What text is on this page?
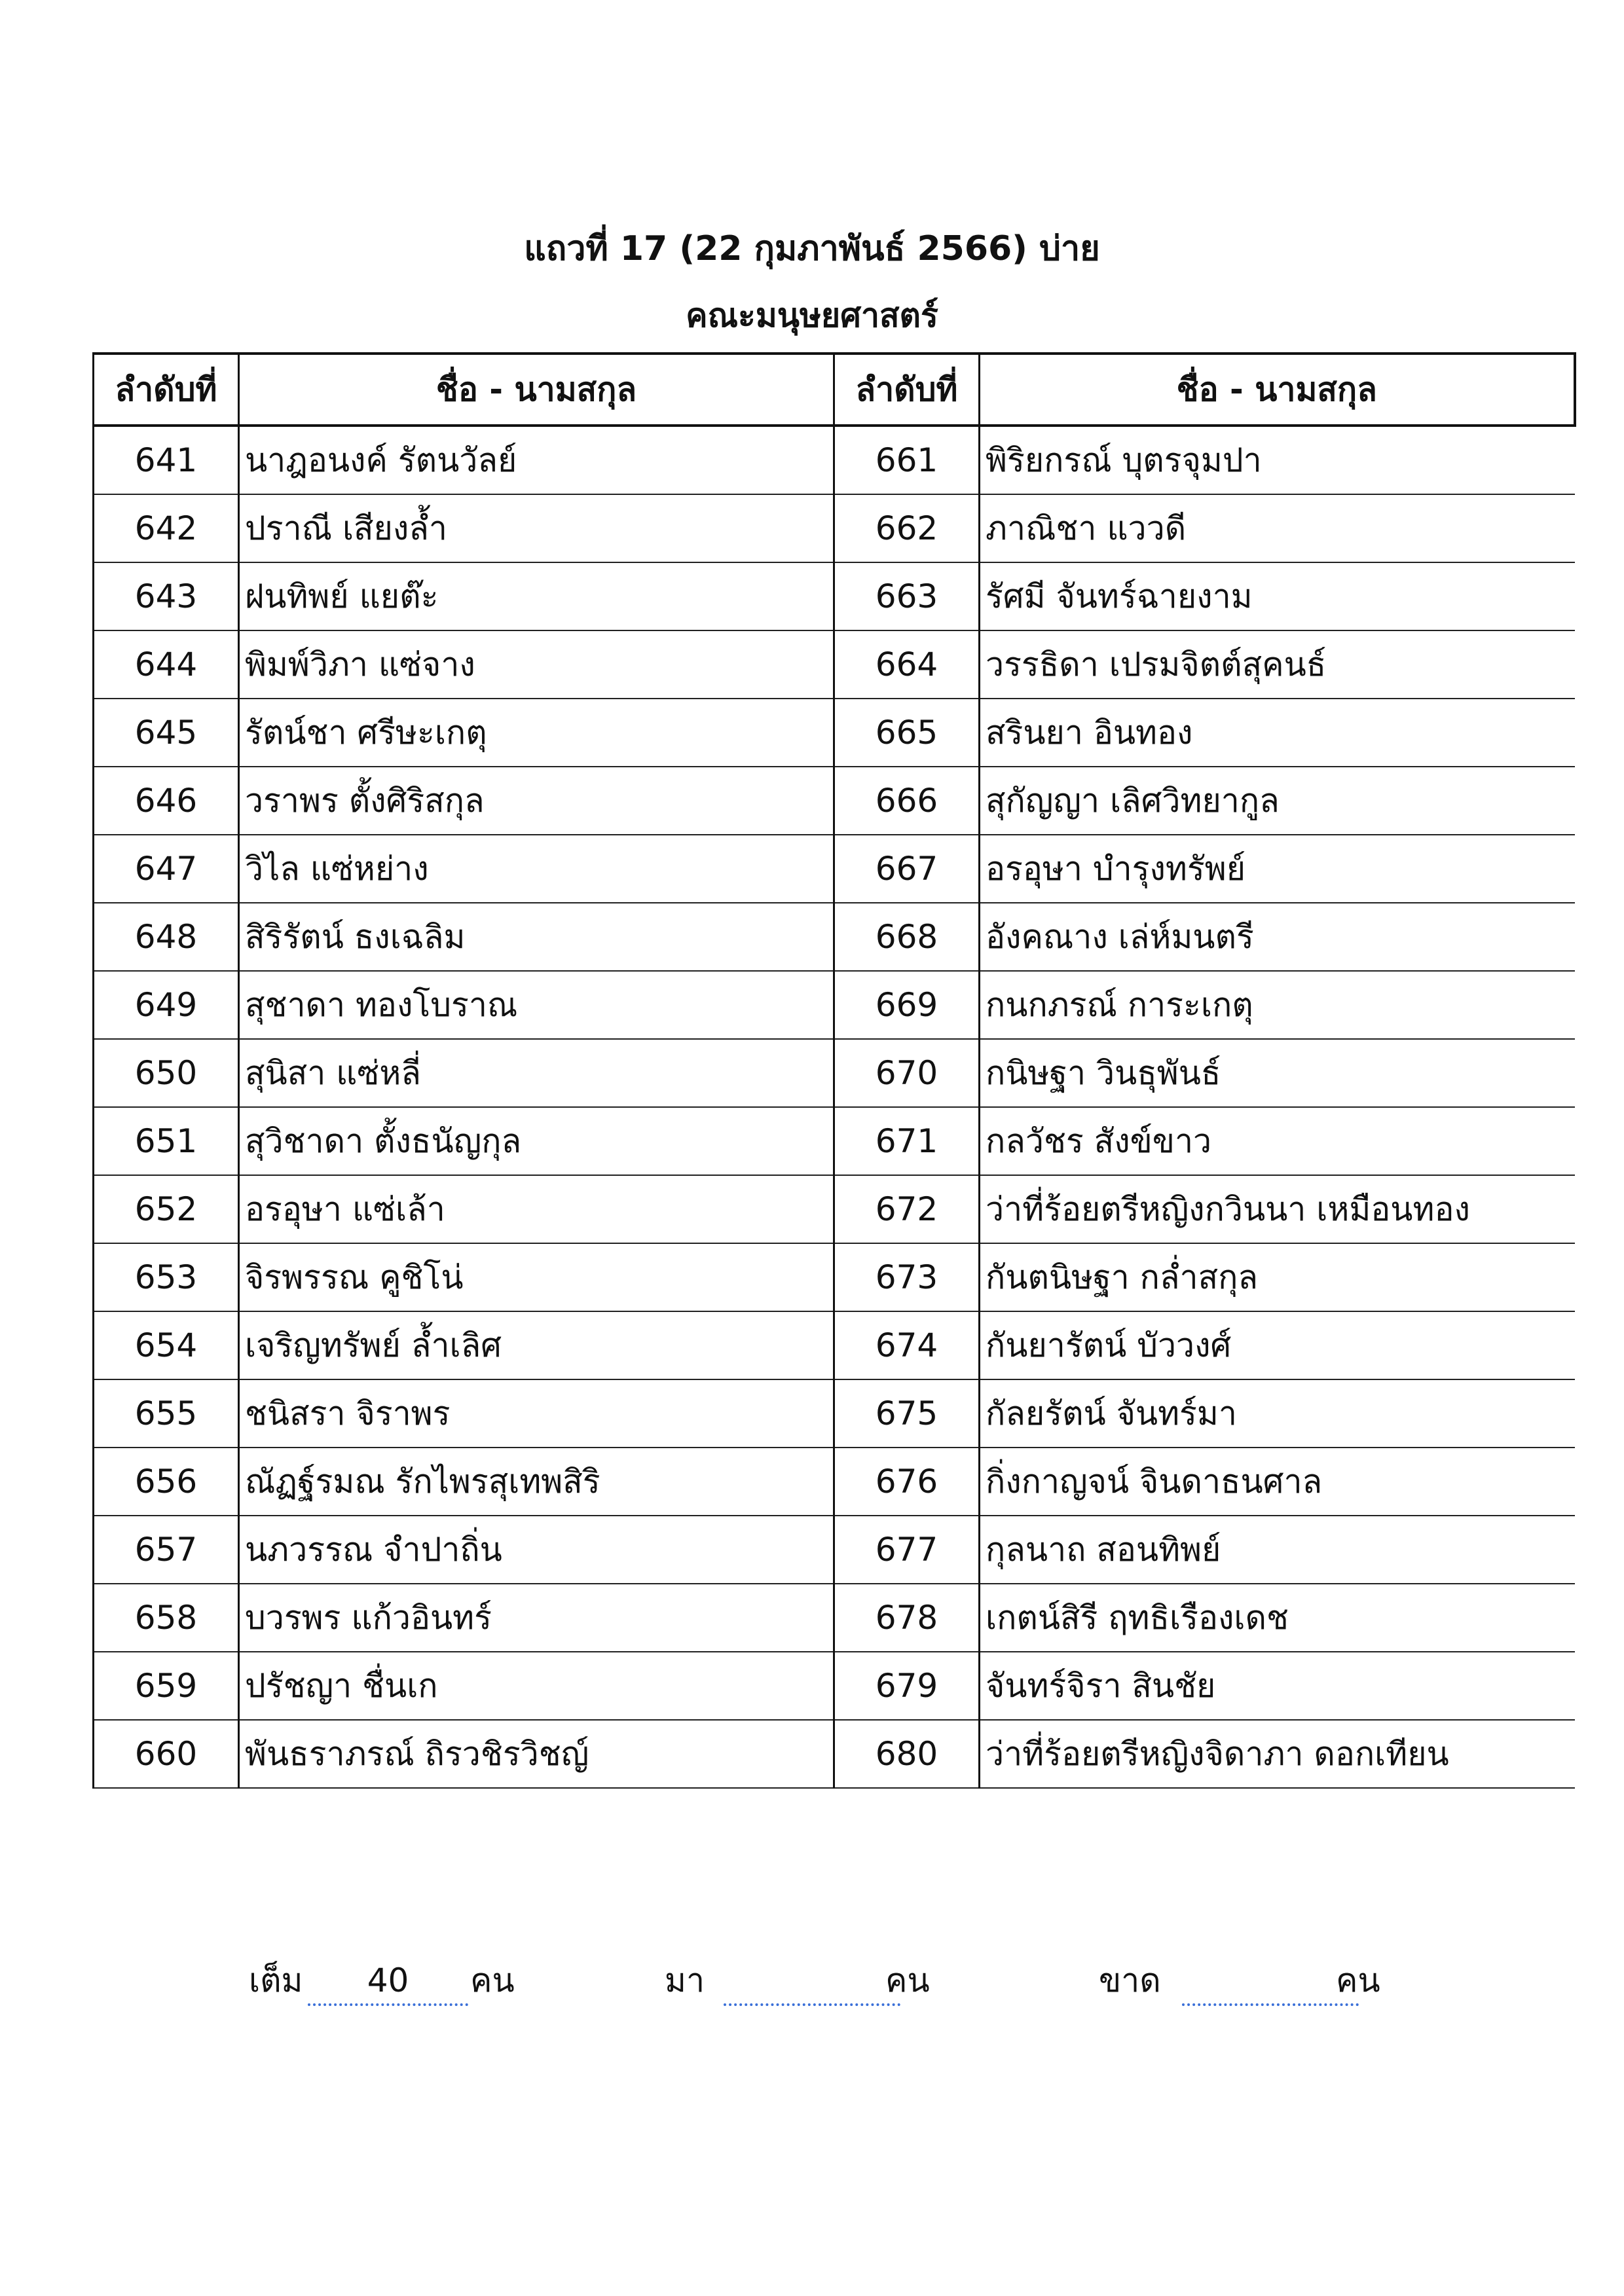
แถวที่ 17 (22 กุมภาพันธ์ 2566) บ่าย
คณะมนุษยศาสตร์
ลำดับที่	ชื่อ - นามสกุล	ลำดับที่	ชื่อ - นามสกุล
641	นาฎอนงค์ รัตนวัลย์	661	พิริยกรณ์ บุตรจุมปา
642	ปราณี เสียงล้ำ	662	ภาณิชา แววดี
643	ฝนทิพย์ แยต๊ะ	663	รัศมี จันทร์ฉายงาม
644	พิมพ์วิภา แซ่จาง	664	วรรธิดา เปรมจิตต์สุคนธ์
645	รัตน์ชา ศรีษะเกตุ	665	สรินยา อินทอง
646	วราพร ตั้งศิริสกุล	666	สุกัญญา เลิศวิทยากูล
647	วิไล แซ่หย่าง	667	อรอุษา บำรุงทรัพย์
648	สิริรัตน์ ธงเฉลิม	668	อังคณาง เล่ห์มนตรี
649	สุชาดา ทองโบราณ	669	กนกภรณ์ การะเกตุ
650	สุนิสา แซ่หลี่	670	กนิษฐา วินธุพันธ์
651	สุวิชาดา ตั้งธนัญกุล	671	กลวัชร สังข์ขาว
652	อรอุษา แซ่เล้า	672	ว่าที่ร้อยตรีหญิงกวินนา เหมือนทอง
653	จิรพรรณ คูชิโน่	673	กันตนิษฐา กล่ำสกุล
654	เจริญทรัพย์ ล้ำเลิศ	674	กันยารัตน์ บัววงศ์
655	ชนิสรา จิราพร	675	กัลยรัตน์ จันทร์มา
656	ณัฏฐ์รมณ รักไพรสุเทพสิริ	676	กิ่งกาญจน์ จินดาธนศาล
657	นภวรรณ จำปาถิ่น	677	กุลนาถ สอนทิพย์
658	บวรพร แก้วอินทร์	678	เกตน์สิรี ฤทธิเรืองเดช
659	ปรัชญา ชื่นเก	679	จันทร์จิรา สินชัย
660	พันธราภรณ์ ถิรวชิรวิชญ์	680	ว่าที่ร้อยตรีหญิงจิดาภา ดอกเทียน
เต็ม	40	คน	มา	คน	ขาด	คน
